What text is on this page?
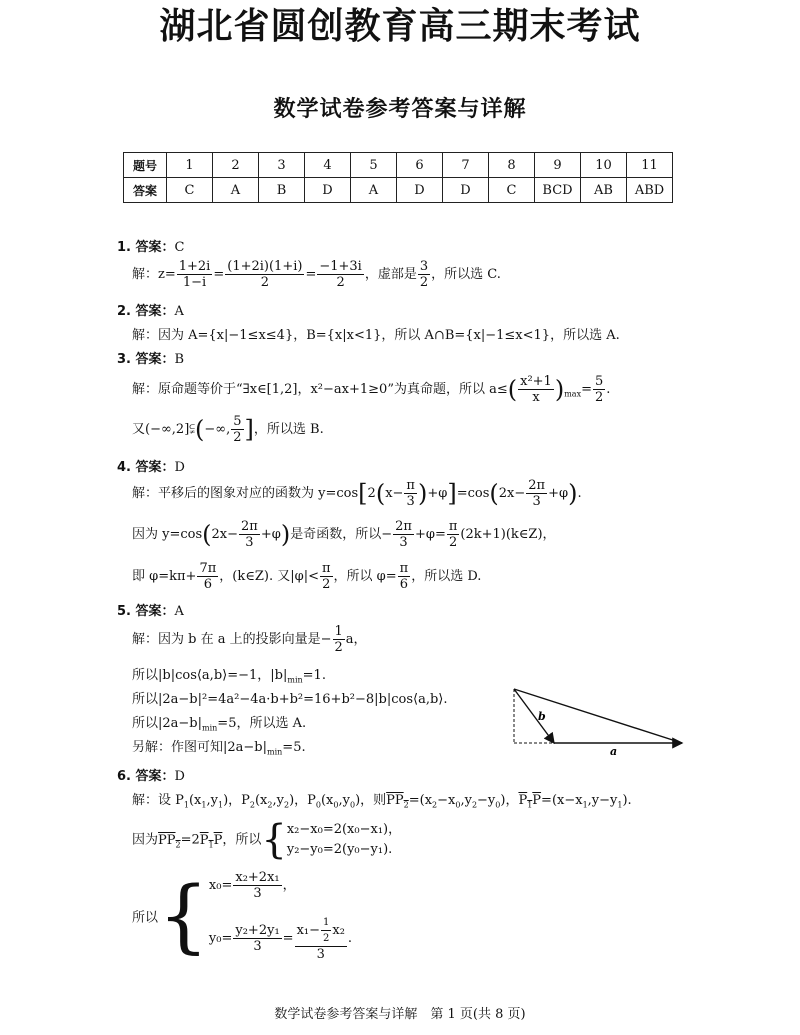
湖北省圆创教育高三期末考试
数学试卷参考答案与详解
题号	1	2	3	4	5	6	7	8	9	10	11
答案	C	A	B	D	A	D	D	C	BCD	AB	ABD
1. 答案：C
解：$z= \frac{1+2i}{1-i} = \frac{(1+2i)(1+i)}{2} = \frac{-1+3i}{2}$ ，虚部是 $\frac{3}{2}$ ，所以选 C.
2. 答案：A
解：因为 A={x|−1≤x≤4}，B={x|x<1}，所以 A∩B={x|−1≤x<1}，所以选 A.
3. 答案：B
解：原命题等价于“∃x∈[1,2]，x²−ax+1≥0”为真命题，所以 $a\le( \frac{\text{x²+1}}{x} )_{max}= \frac{5}{2}$ .
又(−∞,2]⫋(−∞, $\frac{5}{2}$ ]，所以选 B.
4. 答案：D
解：平移后的图象对应的函数为 $y=\cos[2(x- \frac{\pi}{3} )+\varphi]=\cos(2x- \frac{2\pi}{3} +\varphi)$.
因为 $y=\cos(2x- \frac{2\pi}{3} +\varphi)$是奇函数，所以− $\frac{2\pi}{3} +\varphi= \frac{\pi}{2}$ (2k+1)(k∈Z)，
即 $\varphi=k\pi+ \frac{7\pi}{6}$ ，(k∈Z). 又$|\varphi|< \frac{\pi}{2}$ ，所以 $\varphi= \frac{\pi}{6}$ ，所以选 D.
5. 答案：A
解：因为 b 在 a 上的投影向量是− $\frac{1}{2}$ a，
所以|b|cos⟨a,b⟩=−1，$|b|_{min}=1$.
所以|2a−b|²=4a²−4a·b+b²=16+b²−8|b|cos⟨a,b⟩.
所以$|2a-b|_{min}=5$，所以选 A.
另解：作图可知$|2a-b|_{min}=5$.
b
a
6. 答案：D
解：设 $P_1(x_1,y_1)$，$P_2(x_2,y_2)$，$P_0(x_0,y_0)$，则$PP_2=(x_2-x_0,y_2-y_0)$，$P_1P=(x-x_1,y-y_1)$.
因为$PP_2=2P_1P$，所以{ x₂−x₀=2(x₀−x₁)，
y₂−y₀=2(y₀−y₁).
所以{ $x_0= \frac{\text{x₂+2x₁}}{3}$ ，
$y_0= \frac{\text{y₂+2y₁}}{3} = \frac{x_1- \frac{1}{2} x_2}{3}$ .
数学试卷参考答案与详解　第 1 页(共 8 页)
